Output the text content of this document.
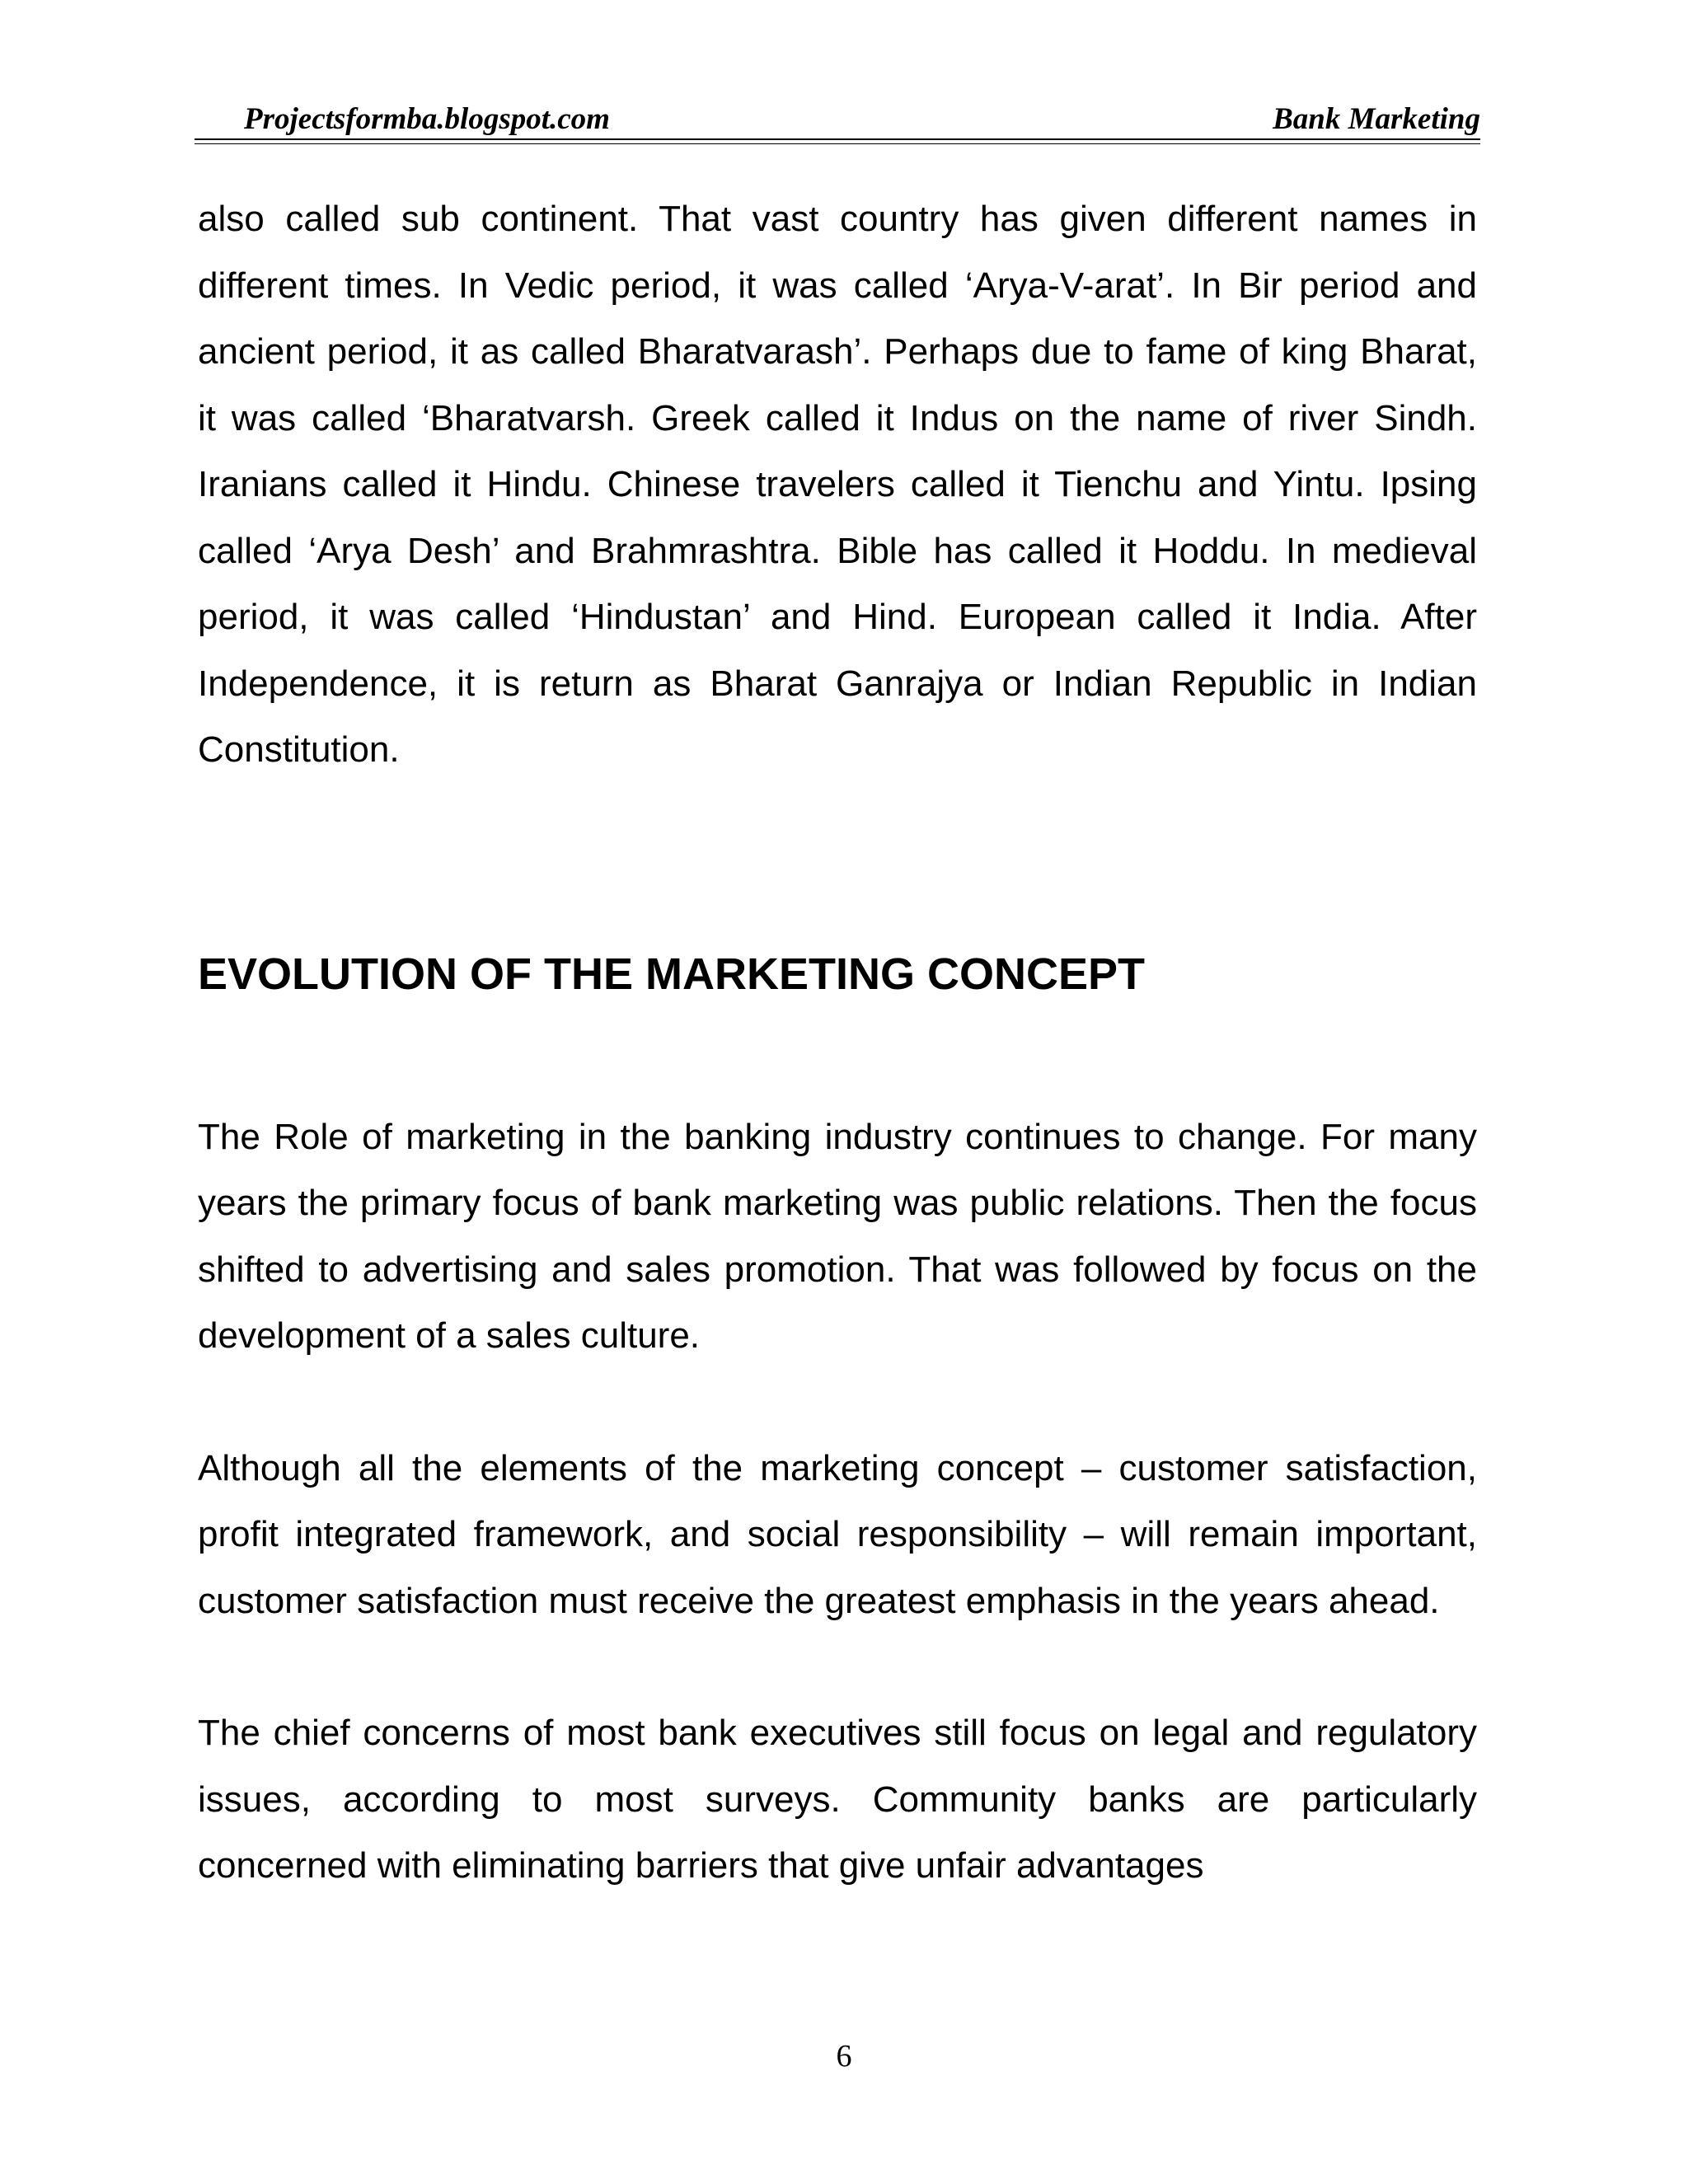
Projectsformba.blogspot.com	Bank Marketing

also called sub continent. That vast country has given different names in different times. In Vedic period, it was called ‘Arya-V-arat’. In Bir period and ancient period, it as called Bharatvarash’. Perhaps due to fame of king Bharat, it was called ‘Bharatvarsh. Greek called it Indus on the name of river Sindh. Iranians called it Hindu. Chinese travelers called it Tienchu and Yintu. Ipsing called ‘Arya Desh’ and Brahmrashtra. Bible has called it Hoddu. In medieval period, it was called ‘Hindustan’ and Hind. European called it India. After Independence, it is return as Bharat Ganrajya or Indian Republic in Indian Constitution.

EVOLUTION OF THE MARKETING CONCEPT

The Role of marketing in the banking industry continues to change. For many years the primary focus of bank marketing was public relations. Then the focus shifted to advertising and sales promotion. That was followed by focus on the development of a sales culture.

Although all the elements of the marketing concept – customer satisfaction, profit integrated framework, and social responsibility – will remain important, customer satisfaction must receive the greatest emphasis in the years ahead.

The chief concerns of most bank executives still focus on legal and regulatory issues, according to most surveys. Community banks are particularly concerned with eliminating barriers that give unfair advantages

6
